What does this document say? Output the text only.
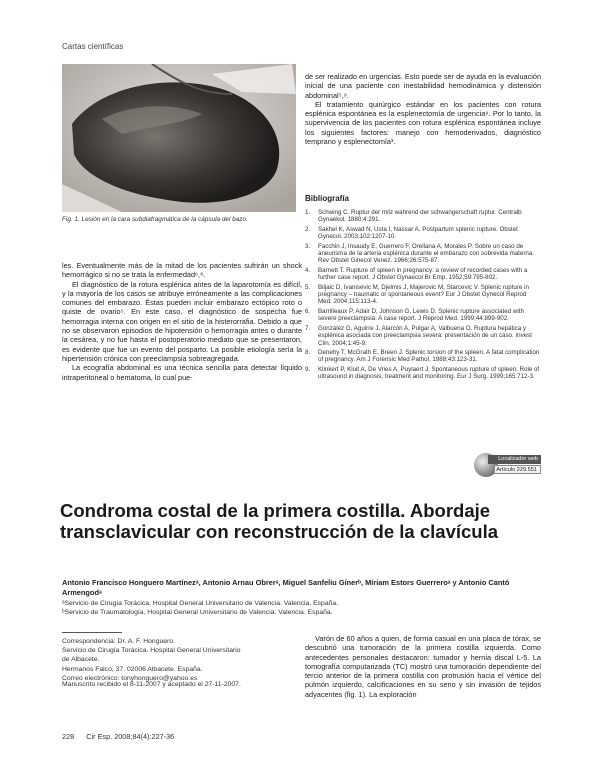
Cartas científicas
Fig. 1. Lesión en la cara subdiafragmática de la cápsula del bazo.

les. Eventualmente más de la mitad de los pacientes sufrirán un shock hemorrágico si no se trata la enfermedad⁶,⁸.

El diagnóstico de la rotura esplénica antes de la laparotomía es difícil, y la mayoría de los casos se atribuye erróneamente a las complicaciones comunes del embarazo. Éstas pueden incluir embarazo ectópico roto o quiste de ovario⁵. En este caso, el diagnóstico de sospecha fue hemorragia interna con origen en el sitio de la histerorrafia. Debido a que no se observaron episodios de hipotensión o hemorragia antes o durante la cesárea, y no fue hasta el postoperatorio mediato que se presentaron, es evidente que fue un evento del posparto. La posible etiología sería la hipertensión crónica con preeclampsia sobreagregada.

La ecografía abdominal es una técnica sencilla para detectar líquido intraperitoneal o hematoma, lo cual pue-

de ser realizado en urgencias. Esto puede ser de ayuda en la evaluación inicial de una paciente con inestabilidad hemodinámica y distensión abdominal⁵,⁹.

El tratamiento quirúrgico estándar en los pacientes con rotura esplénica espontánea es la esplenectomía de urgencia⁹. Por lo tanto, la supervivencia de los pacientes con rotura esplénica espontánea incluye los siguientes factores: manejo con hemoderivados, diagnóstico temprano y esplenectomía³.

Bibliografía
1. Schwing C. Ruptur der milz wahrend der schwangerschaft ruptur. Centralb Gynaekol. 1880;4:291.
2. Sakhel K, Aswad N, Usta I, Nassar A. Postpartum splenic rupture. Obstet Gynecol. 2003;102:1207-10.
3. Facchin J, Insaudy E, Guerrero F, Orellana A, Morales P. Sobre un caso de aneurisma de la arteria esplénica durante el embarazo con sobrevida materna. Rev Obstet Ginecol Venez. 1966;26:575-87.
4. Barnett T. Rupture of spleen in pregnancy: a review of recorded cases with a further case report. J Obstet Gynaecol Br Emp. 1952;59:795-802.
5. Biljaic D, Ivanisevic M, Djelmis J, Majerovic M, Starcevic V. Splenic rupture in pregnancy – traumatic or spontaneous event? Eur J Obstet Gynecol Reprod Med. 2004;115:113-4.
6. Barrilleaux P, Adair D, Johnson G, Lewis D. Splenic rupture associated with severe preeclampsia: A case report. J Reprod Med. 1999;44:899-902.
7. González G, Aguirre J, Alarcón A, Pulgar A, Valbuena O. Ruptura hepática y esplénica asociada con preeclampsia severa: presentación de un caso. Invest Clin. 2004;1:45-9.
8. Denehy T, McGrath E, Breen J. Splenic torsion of the spleen. A fatal complication of pregnancy. Am J Forensic Med Pathol. 1988;43:123-31.
9. Klinkert P, Kluit A, De Vries A, Puylaert J. Spontaneous rupture of spleen: Role of ultrasound in diagnosis, treatment and monitoring. Eur J Surg. 1999;165:712-3.
Localizador web
Artículo 229.551
Condroma costal de la primera costilla. Abordaje transclavicular con reconstrucción de la clavícula
Antonio Francisco Honguero Martínezᵃ, Antonio Arnau Obrerᵃ, Miguel Sanfeliu Gínerᵇ, Míriam Estors Guerreroᵃ y Antonio Cantó Armengodᵃ
ᵃServicio de Cirugía Torácica. Hospital General Universitario de Valencia. Valencia. España.
ᵇServicio de Traumatología. Hospital General Universitario de Valencia. Valencia. España.
Correspondencia: Dr. A. F. Honguero.
Servicio de Cirugía Torácica. Hospital General Universitario
de Albacete.
Hermanos Falcó, 37. 02006 Albacete. España.
Correo electrónico: tonyhonguero@yahoo.es
Manuscrito recibido el 8-11-2007 y aceptado el 27-11-2007.

Varón de 60 años a quien, de forma casual en una placa de tórax, se descubrió una tumoración de la primera costilla izquierda. Como antecedentes personales destacaron: tumador y hernia discal L-5. La tomografía computarizada (TC) mostró una tumoración dependiente del tercio anterior de la primera costilla con protrusión hacia el vértice del pulmón izquierdo, calcificaciones en su seno y sin invasión de tejidos adyacentes (fig. 1). La exploración

228 Cir Esp. 2008;84(4):227-36
